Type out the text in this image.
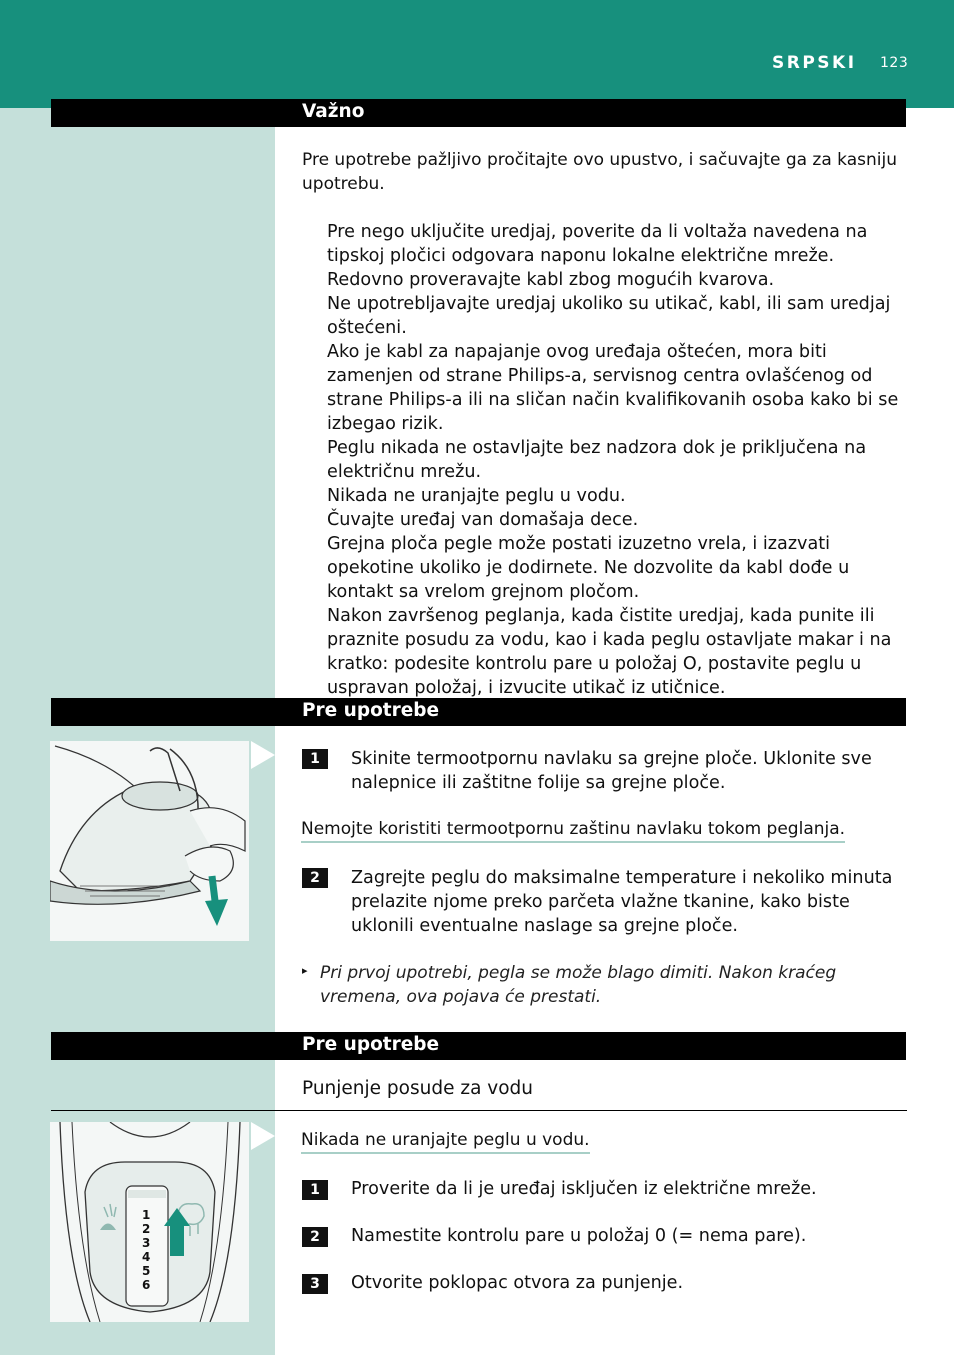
SRPSKI 123
Važno
Pre upotrebe pažljivo pročitajte ovo upustvo, i sačuvajte ga za kasniju upotrebu.

Pre nego uključite uredjaj, poverite da li voltaža navedena na tipskoj pločici odgovara naponu lokalne električne mreže.

Redovno proveravajte kabl zbog mogućih kvarova.

Ne upotrebljavajte uredjaj ukoliko su utikač, kabl, ili sam uredjaj oštećeni.

Ako je kabl za napajanje ovog uređaja oštećen, mora biti zamenjen od strane Philips-a, servisnog centra ovlašćenog od strane Philips-a ili na sličan način kvalifikovanih osoba kako bi se izbegao rizik.

Peglu nikada ne ostavljajte bez nadzora dok je priključena na električnu mrežu.

Nikada ne uranjajte peglu u vodu.

Čuvajte uređaj van domašaja dece.

Grejna ploča pegle može postati izuzetno vrela, i izazvati opekotine ukoliko je dodirnete. Ne dozvolite da kabl dođe u kontakt sa vrelom grejnom pločom.

Nakon završenog peglanja, kada čistite uredjaj, kada punite ili praznite posudu za vodu, kao i kada peglu ostavljate makar i na kratko: podesite kontrolu pare u položaj O, postavite peglu u uspravan položaj, i izvucite utikač iz utičnice.

Pre upotrebe
1	Skinite termootpornu navlaku sa grejne ploče. Uklonite sve nalepnice ili zaštitne folije sa grejne ploče.
Nemojte koristiti termootpornu zaštinu navlaku tokom peglanja.
2	Zagrejte peglu do maksimalne temperature i nekoliko minuta prelazite njome preko parčeta vlažne tkanine, kako biste uklonili eventualne naslage sa grejne ploče.
▸ Pri prvoj upotrebi, pegla se može blago dimiti. Nakon kraćeg vremena, ova pojava će prestati.
Pre upotrebe
Punjenje posude za vodu
1
2
3
4
5
6
Nikada ne uranjajte peglu u vodu.
1	Proverite da li je uređaj isključen iz električne mreže.
2	Namestite kontrolu pare u položaj 0 (= nema pare).
3	Otvorite poklopac otvora za punjenje.
